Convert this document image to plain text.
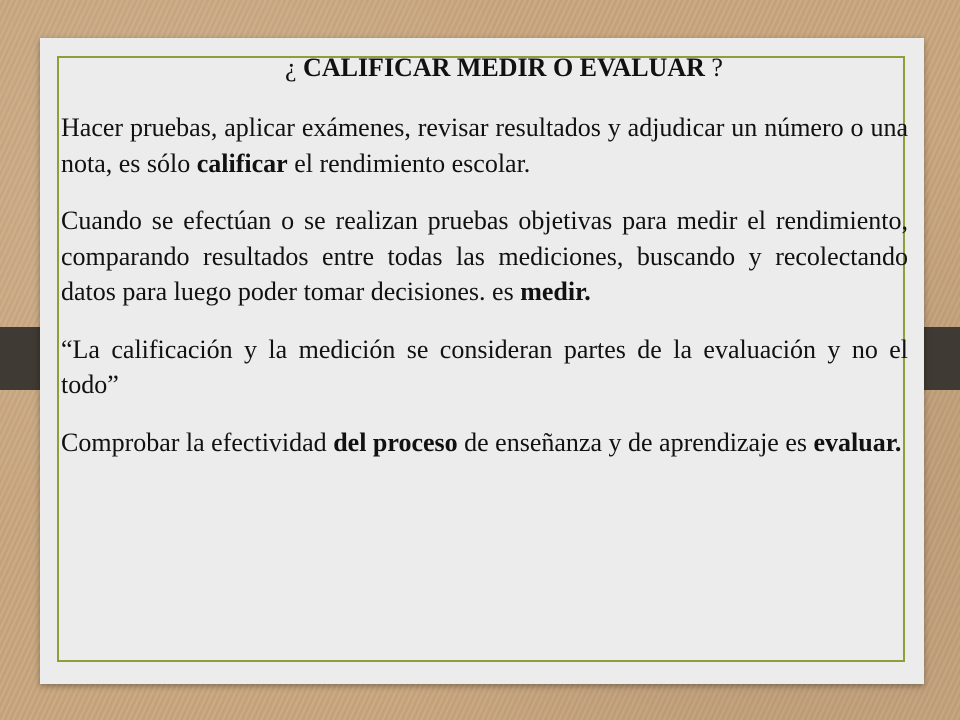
¿ CALIFICAR MEDIR O EVALUAR ?

Hacer pruebas, aplicar exámenes, revisar resultados y adjudicar un número o una nota, es sólo calificar el rendimiento escolar.

Cuando se efectúan o se realizan pruebas objetivas para medir el rendimiento, comparando resultados entre todas las mediciones, buscando y recolectando datos para luego poder tomar decisiones. es medir.

“La calificación y la medición se consideran partes de la evaluación y no el todo”

Comprobar la efectividad del proceso de enseñanza y de aprendizaje es evaluar.
